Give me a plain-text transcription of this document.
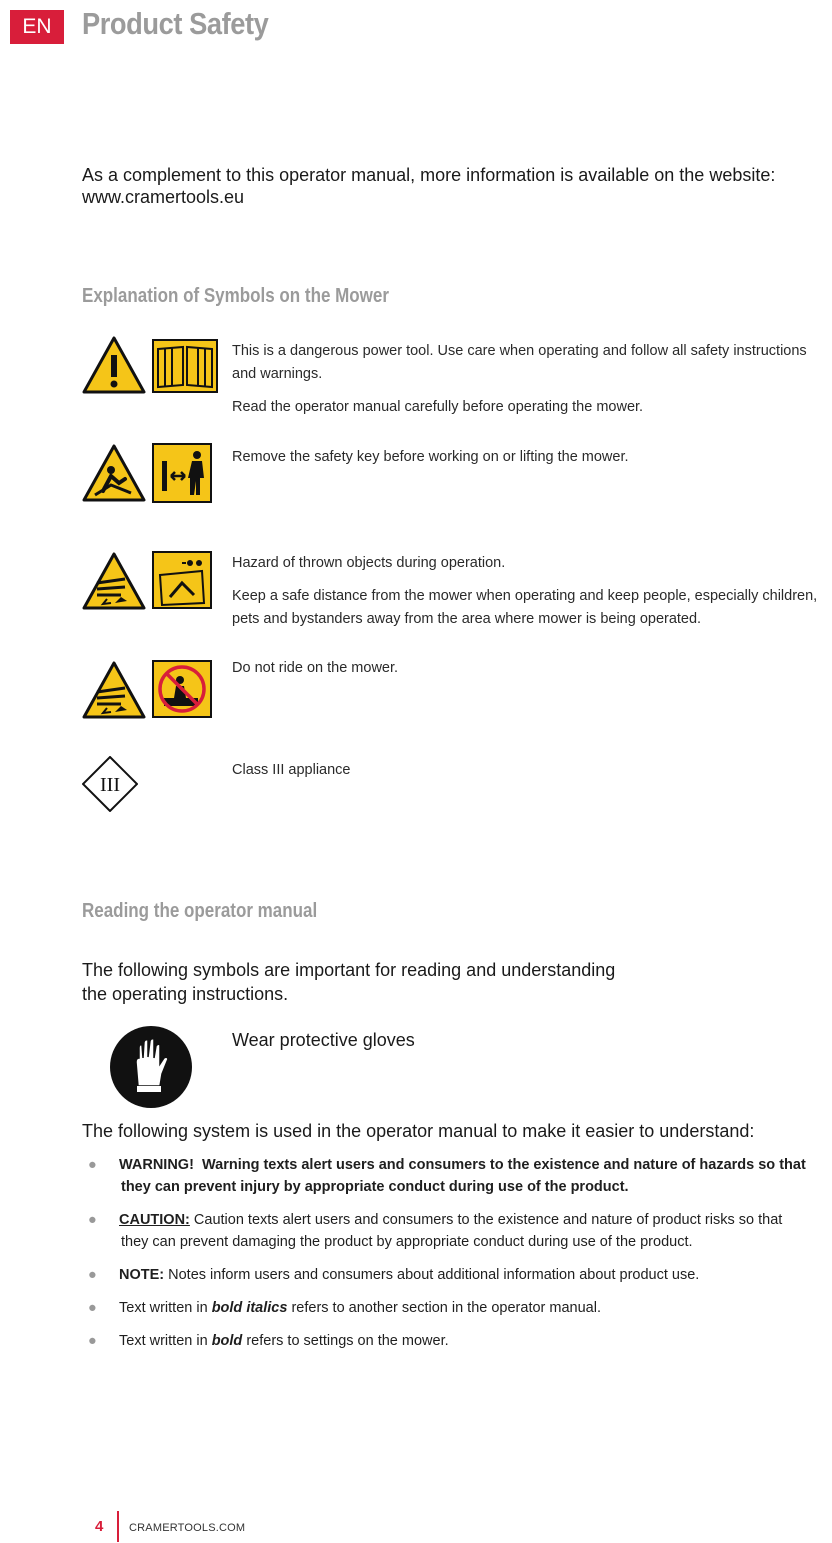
EN Product Safety
As a complement to this operator manual, more information is available on the website:
www.cramertools.eu
Explanation of Symbols on the Mower

This is a dangerous power tool. Use care when operating and follow all safety instructions and warnings.

Read the operator manual carefully before operating the mower.

Remove the safety key before working on or lifting the mower.

Hazard of thrown objects during operation.

Keep a safe distance from the mower when operating and keep people, especially children, pets and bystanders away from the area where mower is being operated.

Do not ride on the mower.

III

Class III appliance

Reading the operator manual
The following symbols are important for reading and understanding
the operating instructions.
Wear protective gloves
The following system is used in the operator manual to make it easier to understand:
● WARNING! Warning texts alert users and consumers to the existence and nature of hazards so that
they can prevent injury by appropriate conduct during use of the product.
● CAUTION: Caution texts alert users and consumers to the existence and nature of product risks so that
they can prevent damaging the product by appropriate conduct during use of the product.
● NOTE: Notes inform users and consumers about additional information about product use.
● Text written in bold italics refers to another section in the operator manual.
● Text written in bold refers to settings on the mower.
4 CRAMERTOOLS.COM
